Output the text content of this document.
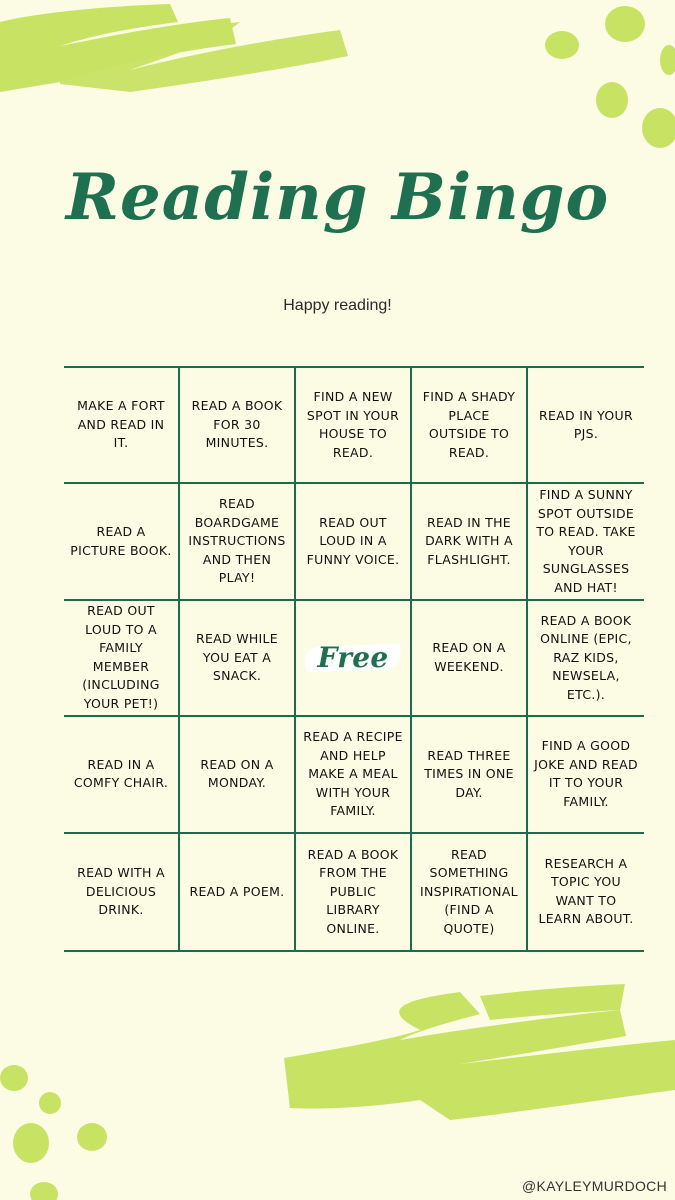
Reading Bingo
Happy reading!
MAKE A FORT AND READ IN IT.
READ A BOOK FOR 30 MINUTES.
FIND A NEW SPOT IN YOUR HOUSE TO READ.
FIND A SHADY PLACE OUTSIDE TO READ.
READ IN YOUR PJS.
READ A PICTURE BOOK.
READ BOARDGAME INSTRUCTIONS AND THEN PLAY!
READ OUT LOUD IN A FUNNY VOICE.
READ IN THE DARK WITH A FLASHLIGHT.
FIND A SUNNY SPOT OUTSIDE TO READ. TAKE YOUR SUNGLASSES AND HAT!
READ OUT LOUD TO A FAMILY MEMBER (INCLUDING YOUR PET!)
READ WHILE YOU EAT A SNACK.
Free	READ ON A WEEKEND.
READ A BOOK ONLINE (EPIC, RAZ KIDS, NEWSELA, ETC.).
READ IN A COMFY CHAIR.
READ ON A MONDAY.
READ A RECIPE AND HELP MAKE A MEAL WITH YOUR FAMILY.
READ THREE TIMES IN ONE DAY.
FIND A GOOD JOKE AND READ IT TO YOUR FAMILY.
READ WITH A DELICIOUS DRINK.
READ A POEM.
READ A BOOK FROM THE PUBLIC LIBRARY ONLINE.
READ SOMETHING INSPIRATIONAL (FIND A QUOTE)
RESEARCH A TOPIC YOU WANT TO LEARN ABOUT.
@KAYLEYMURDOCH
